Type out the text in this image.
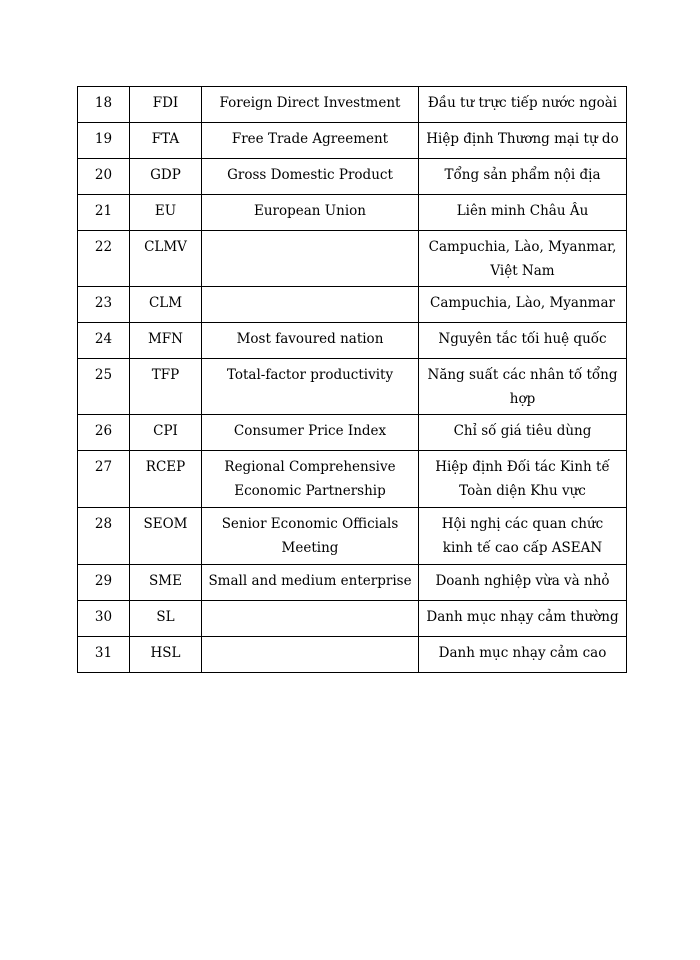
18	FDI	Foreign Direct Investment	Đầu tư trực tiếp nước ngoài
19	FTA	Free Trade Agreement	Hiệp định Thương mại tự do
20	GDP	Gross Domestic Product	Tổng sản phẩm nội địa
21	EU	European Union	Liên minh Châu Âu
22	CLMV		Campuchia, Lào, Myanmar, Việt Nam
23	CLM		Campuchia, Lào, Myanmar
24	MFN	Most favoured nation	Nguyên tắc tối huệ quốc
25	TFP	Total-factor productivity	Năng suất các nhân tố tổng hợp
26	CPI	Consumer Price Index	Chỉ số giá tiêu dùng
27	RCEP	Regional Comprehensive Economic Partnership	Hiệp định Đối tác Kinh tế Toàn diện Khu vực
28	SEOM	Senior Economic Officials Meeting	Hội nghị các quan chức kinh tế cao cấp ASEAN
29	SME	Small and medium enterprise	Doanh nghiệp vừa và nhỏ
30	SL		Danh mục nhạy cảm thường
31	HSL		Danh mục nhạy cảm cao
